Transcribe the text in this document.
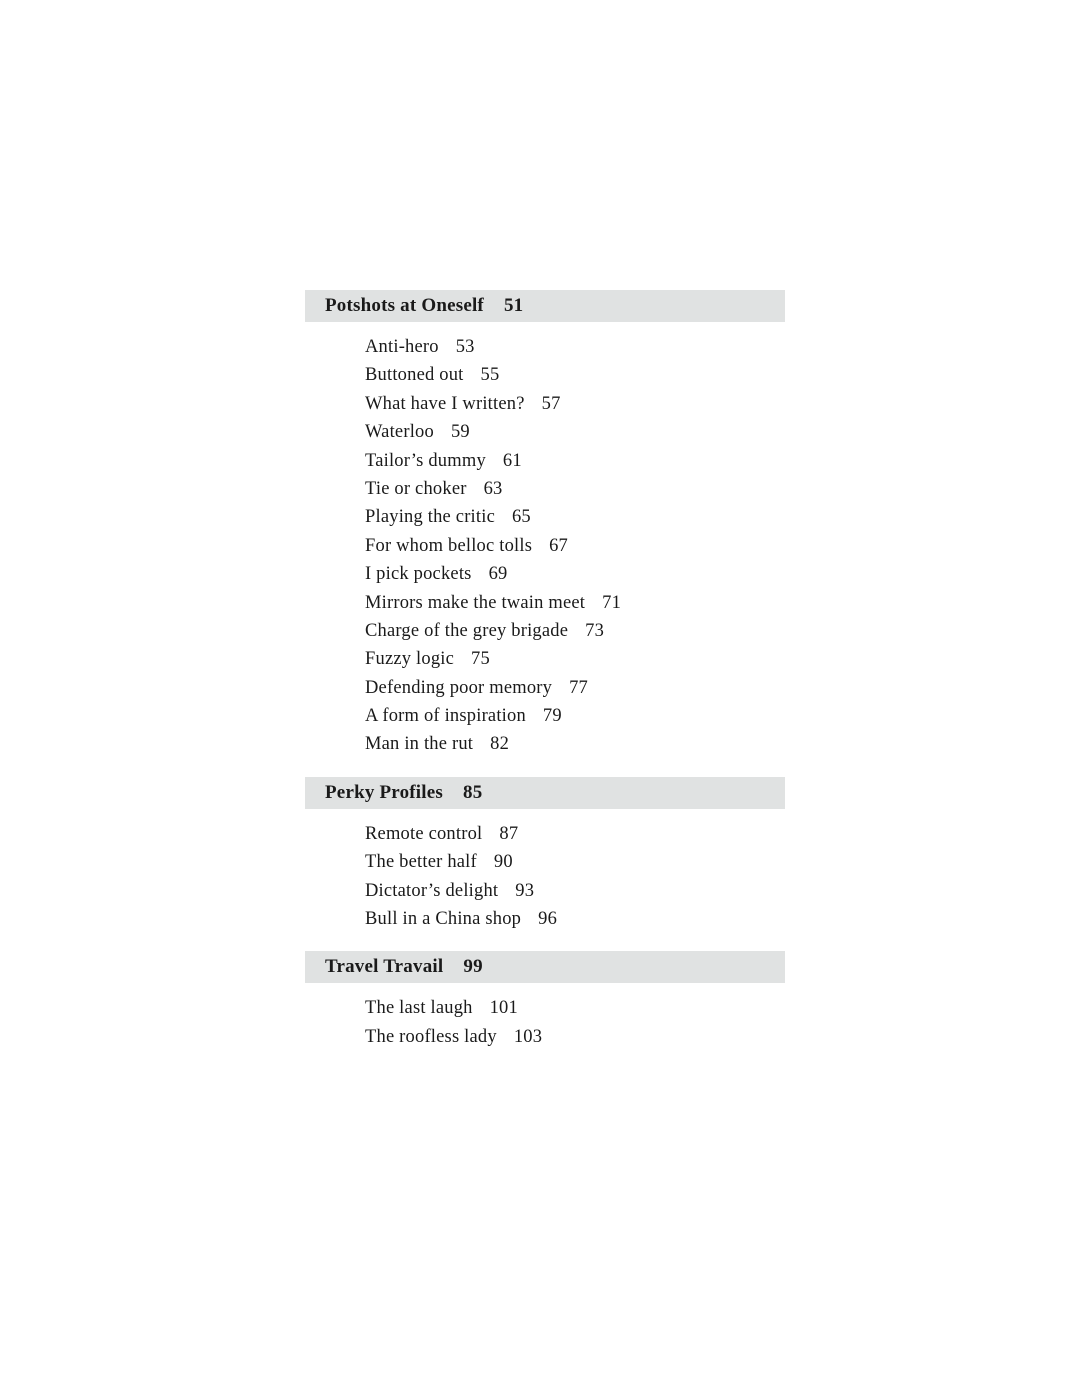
Potshots at Oneself 51
Anti-hero 53
Buttoned out 55
What have I written? 57
Waterloo 59
Tailor’s dummy 61
Tie or choker 63
Playing the critic 65
For whom belloc tolls 67
I pick pockets 69
Mirrors make the twain meet 71
Charge of the grey brigade 73
Fuzzy logic 75
Defending poor memory 77
A form of inspiration 79
Man in the rut 82
Perky Profiles 85
Remote control 87
The better half 90
Dictator’s delight 93
Bull in a China shop 96
Travel Travail 99
The last laugh 101
The roofless lady 103
